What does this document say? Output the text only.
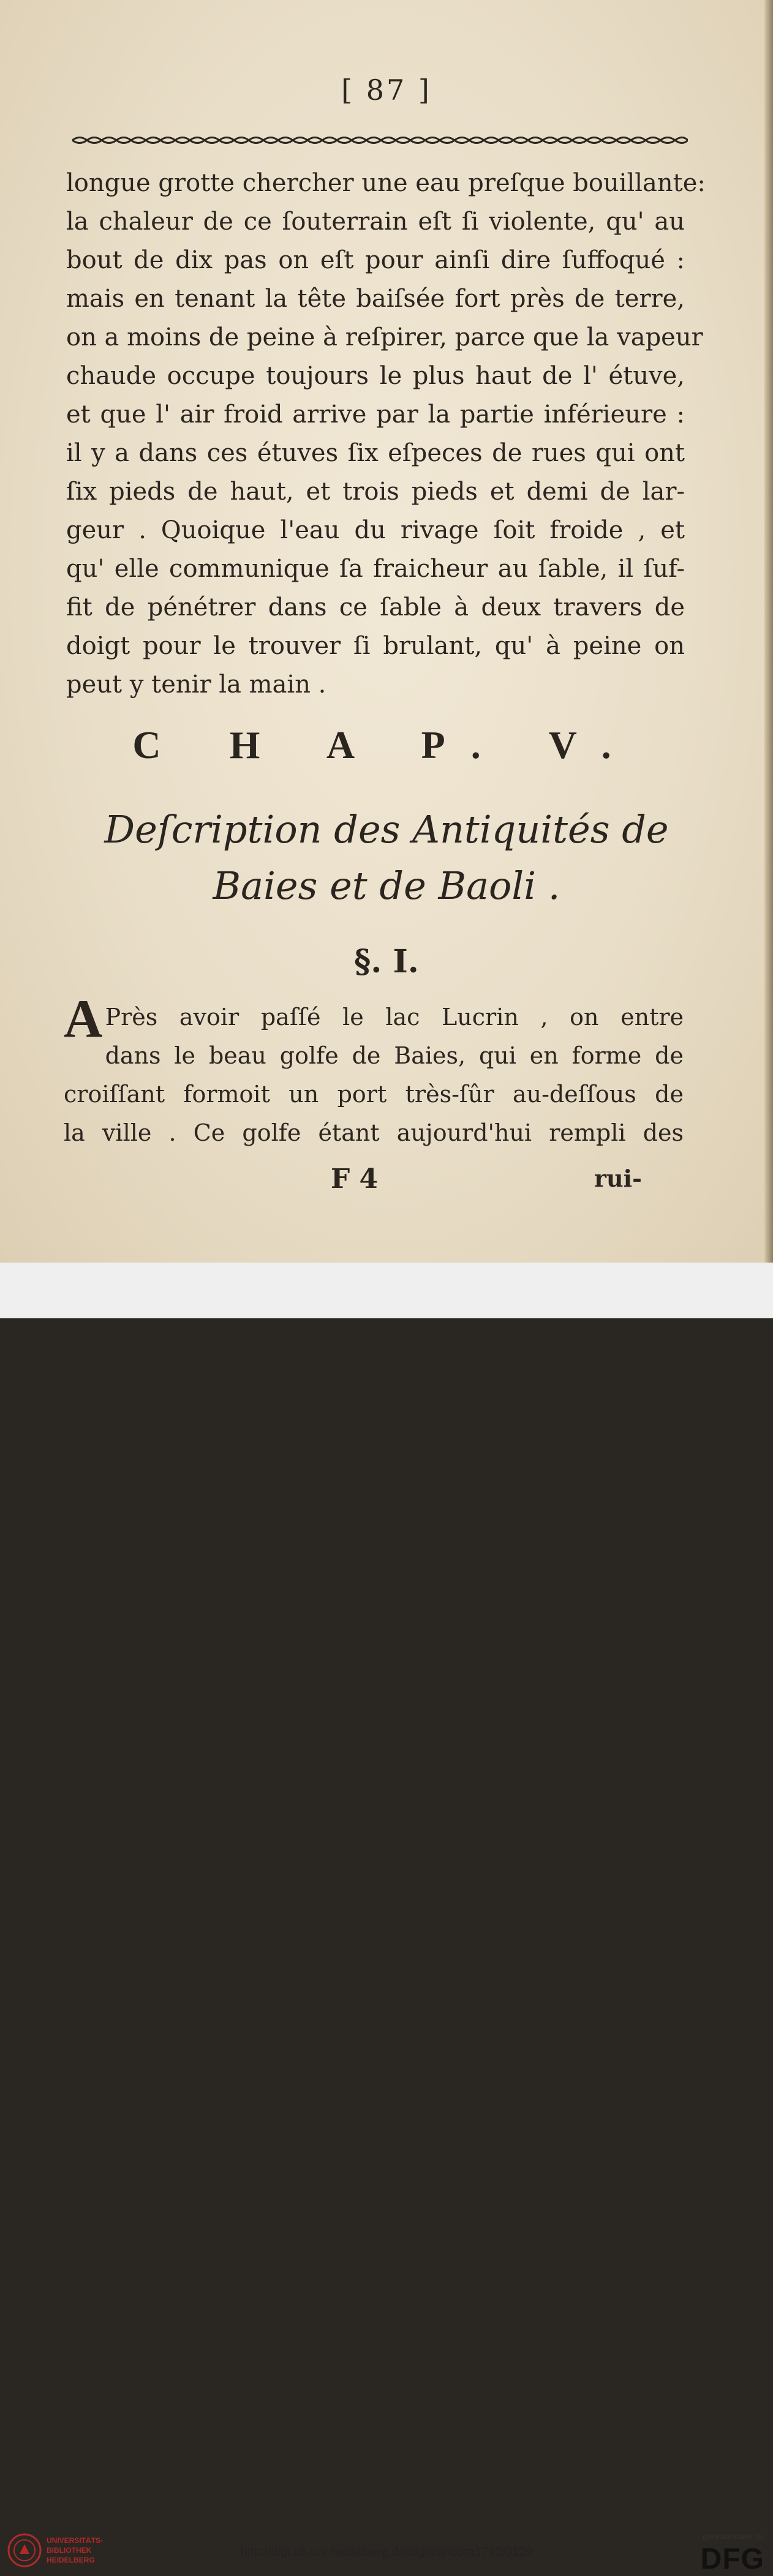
[ 87 ]
longue grotte chercher une eau preſque bouillante:
la chaleur de ce ſouterrain eſt ſi violente, qu' au
bout de dix pas on eſt pour ainſi dire ſuffoqué :
mais en tenant la tête baiſsée fort près de terre,
on a moins de peine à reſpirer, parce que la vapeur
chaude occupe toujours le plus haut de l' étuve,
et que l' air froid arrive par la partie inférieure :
il y a dans ces étuves ſix eſpeces de rues qui ont
ſix pieds de haut, et trois pieds et demi de lar-
geur . Quoique l'eau du rivage ſoit froide , et
qu' elle communique ſa fraicheur au ſable, il ſuf-
fit de pénétrer dans ce ſable à deux travers de
doigt pour le trouver ſi brulant, qu' à peine on
peut y tenir la main .
C H A P. V.
Deſcription des Antiquités de
Baies et de Baoli .
§. I.
A Près avoir paſſé le lac Lucrin , on entre
dans le beau golfe de Baies, qui en forme de
croiſſant formoit un port très-ſûr au-deſſous de
la ville . Ce golfe étant aujourd'hui rempli des
F 4	rui-
UNIVERSITÄTS-
BIBLIOTHEK
HEIDELBERG
http://digi.ub.uni-heidelberg.de/diglit/ancora1792/0129
gefördert durch die
DFG
